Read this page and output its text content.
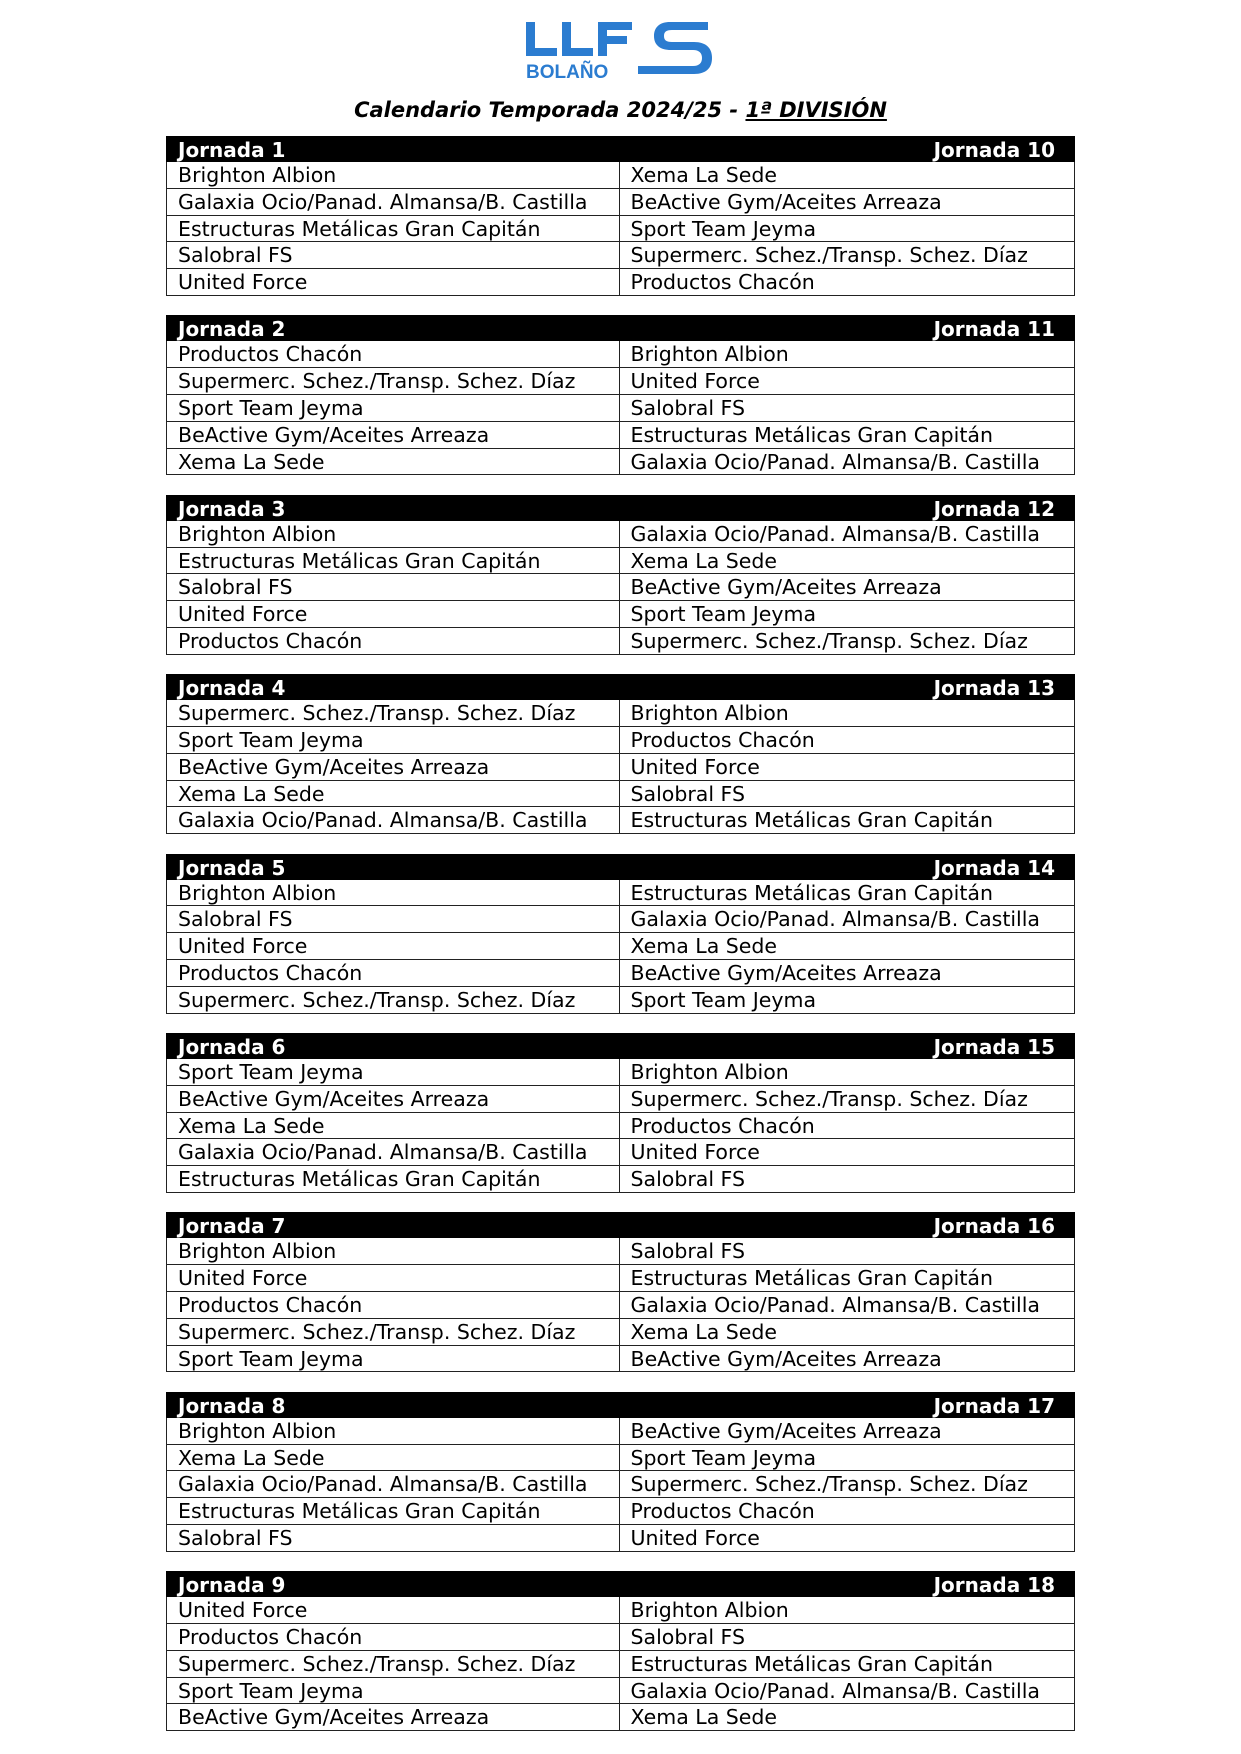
BOLAÑO
Calendario Temporada 2024/25 - 1ª DIVISIÓN
Jornada 1	Jornada 10
Brighton Albion	Xema La Sede
Galaxia Ocio/Panad. Almansa/B. Castilla	BeActive Gym/Aceites Arreaza
Estructuras Metálicas Gran Capitán	Sport Team Jeyma
Salobral FS	Supermerc. Schez./Transp. Schez. Díaz
United Force	Productos Chacón
Jornada 2	Jornada 11
Productos Chacón	Brighton Albion
Supermerc. Schez./Transp. Schez. Díaz	United Force
Sport Team Jeyma	Salobral FS
BeActive Gym/Aceites Arreaza	Estructuras Metálicas Gran Capitán
Xema La Sede	Galaxia Ocio/Panad. Almansa/B. Castilla
Jornada 3	Jornada 12
Brighton Albion	Galaxia Ocio/Panad. Almansa/B. Castilla
Estructuras Metálicas Gran Capitán	Xema La Sede
Salobral FS	BeActive Gym/Aceites Arreaza
United Force	Sport Team Jeyma
Productos Chacón	Supermerc. Schez./Transp. Schez. Díaz
Jornada 4	Jornada 13
Supermerc. Schez./Transp. Schez. Díaz	Brighton Albion
Sport Team Jeyma	Productos Chacón
BeActive Gym/Aceites Arreaza	United Force
Xema La Sede	Salobral FS
Galaxia Ocio/Panad. Almansa/B. Castilla	Estructuras Metálicas Gran Capitán
Jornada 5	Jornada 14
Brighton Albion	Estructuras Metálicas Gran Capitán
Salobral FS	Galaxia Ocio/Panad. Almansa/B. Castilla
United Force	Xema La Sede
Productos Chacón	BeActive Gym/Aceites Arreaza
Supermerc. Schez./Transp. Schez. Díaz	Sport Team Jeyma
Jornada 6	Jornada 15
Sport Team Jeyma	Brighton Albion
BeActive Gym/Aceites Arreaza	Supermerc. Schez./Transp. Schez. Díaz
Xema La Sede	Productos Chacón
Galaxia Ocio/Panad. Almansa/B. Castilla	United Force
Estructuras Metálicas Gran Capitán	Salobral FS
Jornada 7	Jornada 16
Brighton Albion	Salobral FS
United Force	Estructuras Metálicas Gran Capitán
Productos Chacón	Galaxia Ocio/Panad. Almansa/B. Castilla
Supermerc. Schez./Transp. Schez. Díaz	Xema La Sede
Sport Team Jeyma	BeActive Gym/Aceites Arreaza
Jornada 8	Jornada 17
Brighton Albion	BeActive Gym/Aceites Arreaza
Xema La Sede	Sport Team Jeyma
Galaxia Ocio/Panad. Almansa/B. Castilla	Supermerc. Schez./Transp. Schez. Díaz
Estructuras Metálicas Gran Capitán	Productos Chacón
Salobral FS	United Force
Jornada 9	Jornada 18
United Force	Brighton Albion
Productos Chacón	Salobral FS
Supermerc. Schez./Transp. Schez. Díaz	Estructuras Metálicas Gran Capitán
Sport Team Jeyma	Galaxia Ocio/Panad. Almansa/B. Castilla
BeActive Gym/Aceites Arreaza	Xema La Sede
